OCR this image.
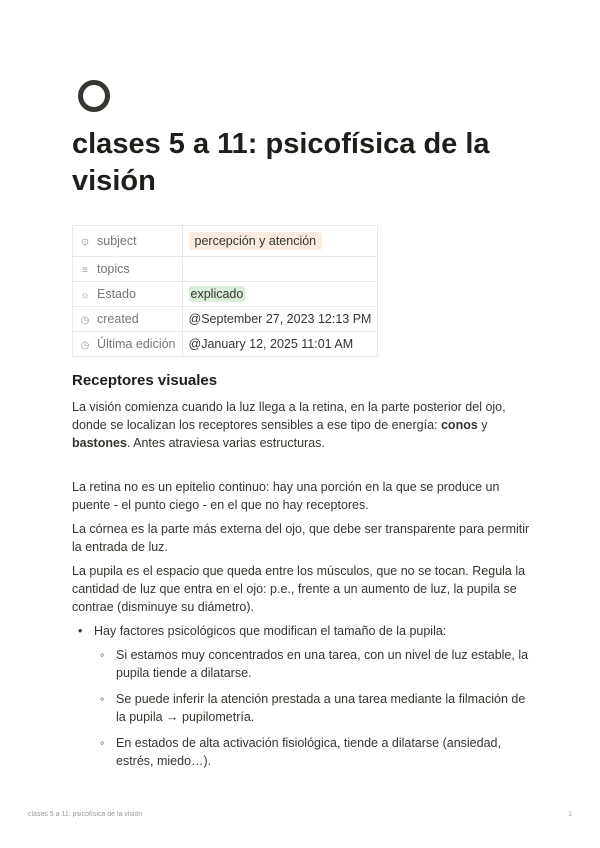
clases 5 a 11: psicofísica de la visión
⊙ subject	percepción y atención
≡ topics	
☼ Estado	explicado
◷ created	@September 27, 2023 12:13 PM
◷ Última edición	@January 12, 2025 11:01 AM
Receptores visuales

La visión comienza cuando la luz llega a la retina, en la parte posterior del ojo, donde se localizan los receptores sensibles a ese tipo de energía: conos y bastones. Antes atraviesa varias estructuras.

La retina no es un epitelio continuo: hay una porción en la que se produce un puente - el punto ciego - en el que no hay receptores.

La córnea es la parte más externa del ojo, que debe ser transparente para permitir la entrada de luz.

La pupila es el espacio que queda entre los músculos, que no se tocan. Regula la cantidad de luz que entra en el ojo: p.e., frente a un aumento de luz, la pupila se contrae (disminuye su diámetro).

• Hay factores psicológicos que modifican el tamaño de la pupila:
◦ Si estamos muy concentrados en una tarea, con un nivel de luz estable, la pupila tiende a dilatarse.
◦ Se puede inferir la atención prestada a una tarea mediante la filmación de la pupila → pupilometría.
◦ En estados de alta activación fisiológica, tiende a dilatarse (ansiedad, estrés, miedo…).
clases 5 a 11: psicofísica de la visión	1
